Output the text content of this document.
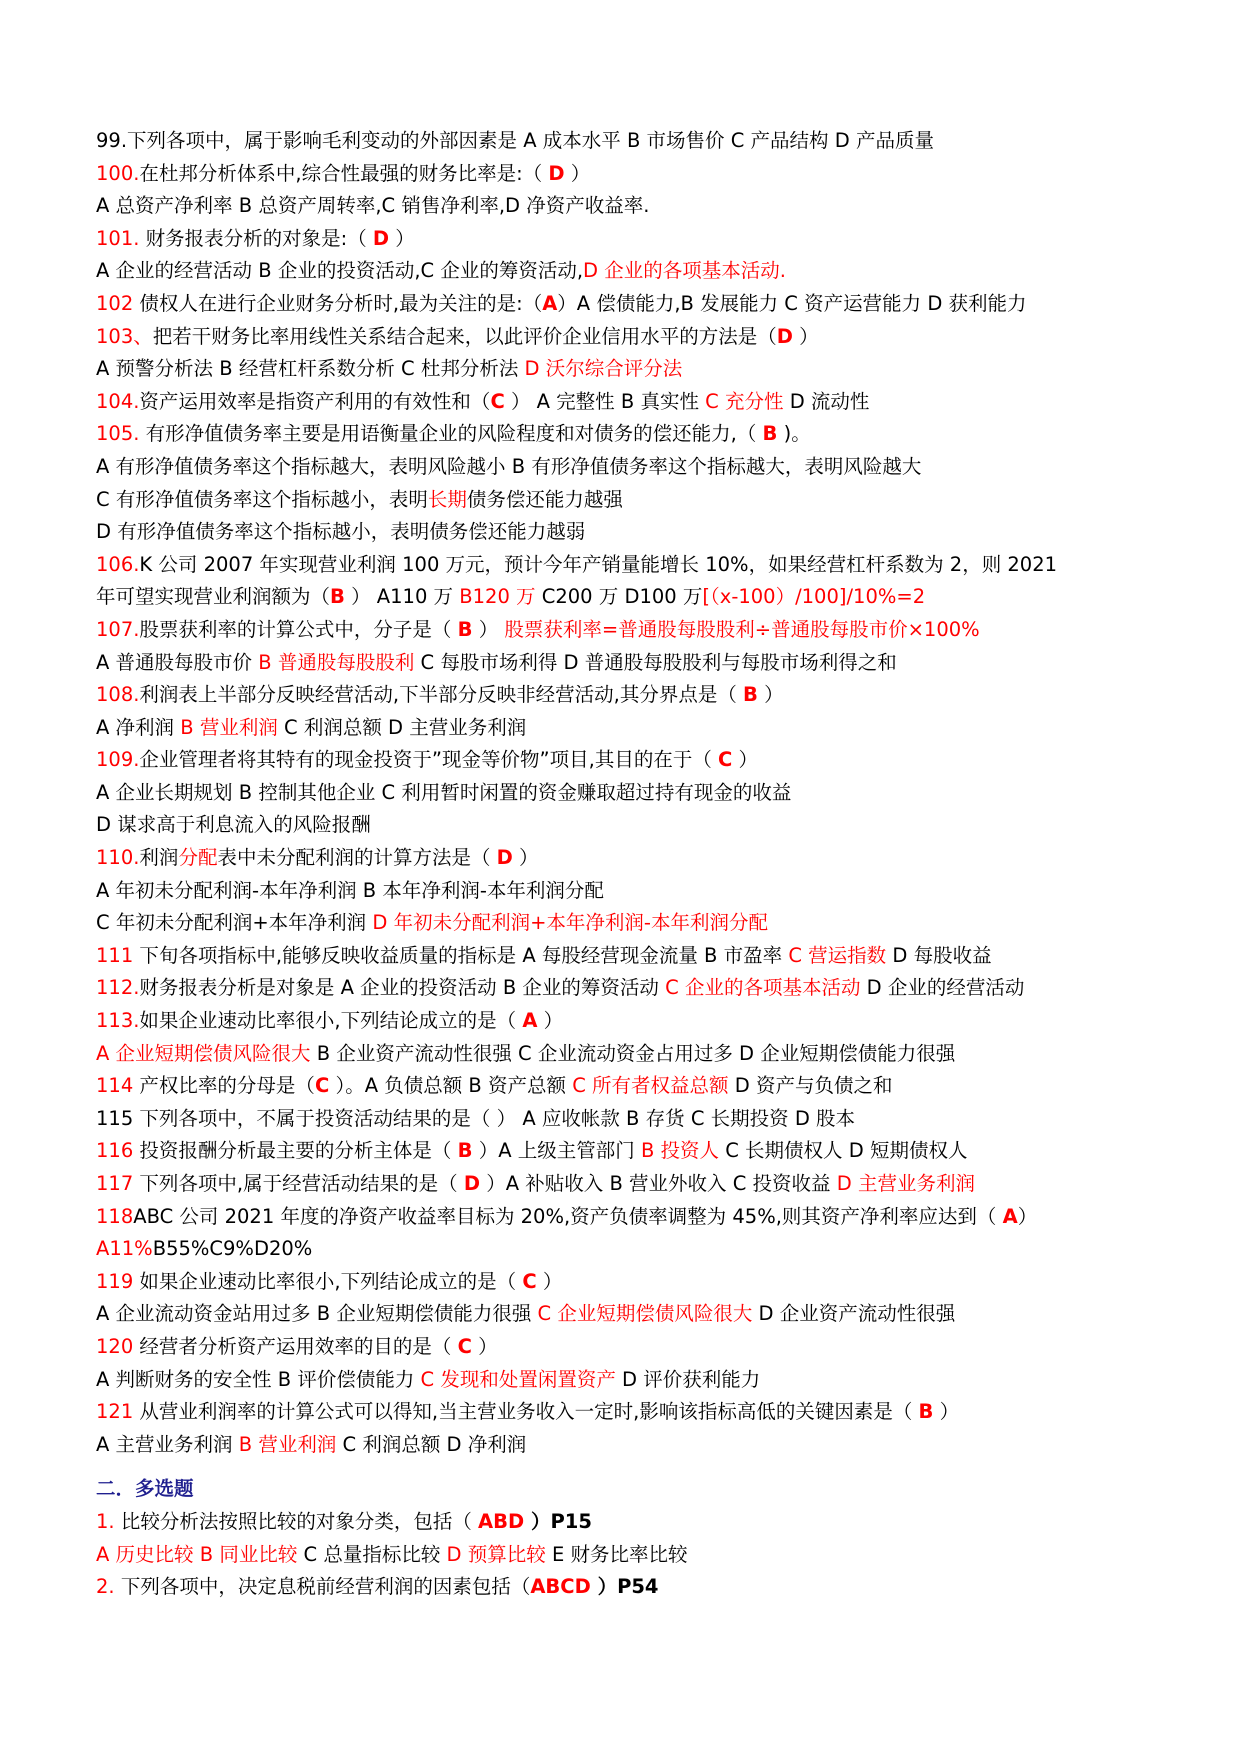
99.下列各项中，属于影响毛利变动的外部因素是 A 成本水平 B 市场售价 C 产品结构 D 产品质量
100.在杜邦分析体系中,综合性最强的财务比率是:（ D ）
A 总资产净利率 B 总资产周转率,C 销售净利率,D 净资产收益率.
101. 财务报表分析的对象是:（ D ）
A 企业的经营活动 B 企业的投资活动,C 企业的筹资活动,D 企业的各项基本活动.
102 债权人在进行企业财务分析时,最为关注的是:（A）A 偿债能力,B 发展能力 C 资产运营能力 D 获利能力
103、把若干财务比率用线性关系结合起来，以此评价企业信用水平的方法是（D ）
A 预警分析法 B 经营杠杆系数分析 C 杜邦分析法 D 沃尔综合评分法
104.资产运用效率是指资产利用的有效性和（C ） A 完整性 B 真实性 C 充分性 D 流动性
105. 有形净值债务率主要是用语衡量企业的风险程度和对债务的偿还能力,（ B )。
A 有形净值债务率这个指标越大，表明风险越小 B 有形净值债务率这个指标越大，表明风险越大
C 有形净值债务率这个指标越小，表明长期债务偿还能力越强
D 有形净值债务率这个指标越小，表明债务偿还能力越弱
106.K 公司 2007 年实现营业利润 100 万元，预计今年产销量能增长 10%，如果经营杠杆系数为 2，则 2021
年可望实现营业利润额为（B ） A110 万 B120 万 C200 万 D100 万[（x-100）/100]/10%=2
107.股票获利率的计算公式中，分子是（ B ） 股票获利率=普通股每股股利÷普通股每股市价×100%
A 普通股每股市价 B 普通股每股股利 C 每股市场利得 D 普通股每股股利与每股市场利得之和
108.利润表上半部分反映经营活动,下半部分反映非经营活动,其分界点是（ B ）
A 净利润 B 营业利润 C 利润总额 D 主营业务利润
109.企业管理者将其特有的现金投资于”现金等价物”项目,其目的在于（ C ）
A 企业长期规划 B 控制其他企业 C 利用暂时闲置的资金赚取超过持有现金的收益
D 谋求高于利息流入的风险报酬
110.利润分配表中未分配利润的计算方法是（ D ）
A 年初未分配利润-本年净利润 B 本年净利润-本年利润分配
C 年初未分配利润+本年净利润 D 年初未分配利润+本年净利润-本年利润分配
111 下旬各项指标中,能够反映收益质量的指标是 A 每股经营现金流量 B 市盈率 C 营运指数 D 每股收益
112.财务报表分析是对象是 A 企业的投资活动 B 企业的筹资活动 C 企业的各项基本活动 D 企业的经营活动
113.如果企业速动比率很小,下列结论成立的是（ A ）
A 企业短期偿债风险很大 B 企业资产流动性很强 C 企业流动资金占用过多 D 企业短期偿债能力很强
114 产权比率的分母是（C ）。A 负债总额 B 资产总额 C 所有者权益总额 D 资产与负债之和
115 下列各项中，不属于投资活动结果的是（ ） A 应收帐款 B 存货 C 长期投资 D 股本
116 投资报酬分析最主要的分析主体是（ B ）A 上级主管部门 B 投资人 C 长期债权人 D 短期债权人
117 下列各项中,属于经营活动结果的是（ D ）A 补贴收入 B 营业外收入 C 投资收益 D 主营业务利润
118ABC 公司 2021 年度的净资产收益率目标为 20%,资产负债率调整为 45%,则其资产净利率应达到（ A）
A11%B55%C9%D20%
119 如果企业速动比率很小,下列结论成立的是（ C ）
A 企业流动资金站用过多 B 企业短期偿债能力很强 C 企业短期偿债风险很大 D 企业资产流动性很强
120 经营者分析资产运用效率的目的是（ C ）
A 判断财务的安全性 B 评价偿债能力 C 发现和处置闲置资产 D 评价获利能力
121 从营业利润率的计算公式可以得知,当主营业务收入一定时,影响该指标高低的关键因素是（ B ）
A 主营业务利润 B 营业利润 C 利润总额 D 净利润
二．多选题
1. 比较分析法按照比较的对象分类，包括（ ABD ）P15
A 历史比较 B 同业比较 C 总量指标比较 D 预算比较 E 财务比率比较
2. 下列各项中，决定息税前经营利润的因素包括（ABCD ）P54
